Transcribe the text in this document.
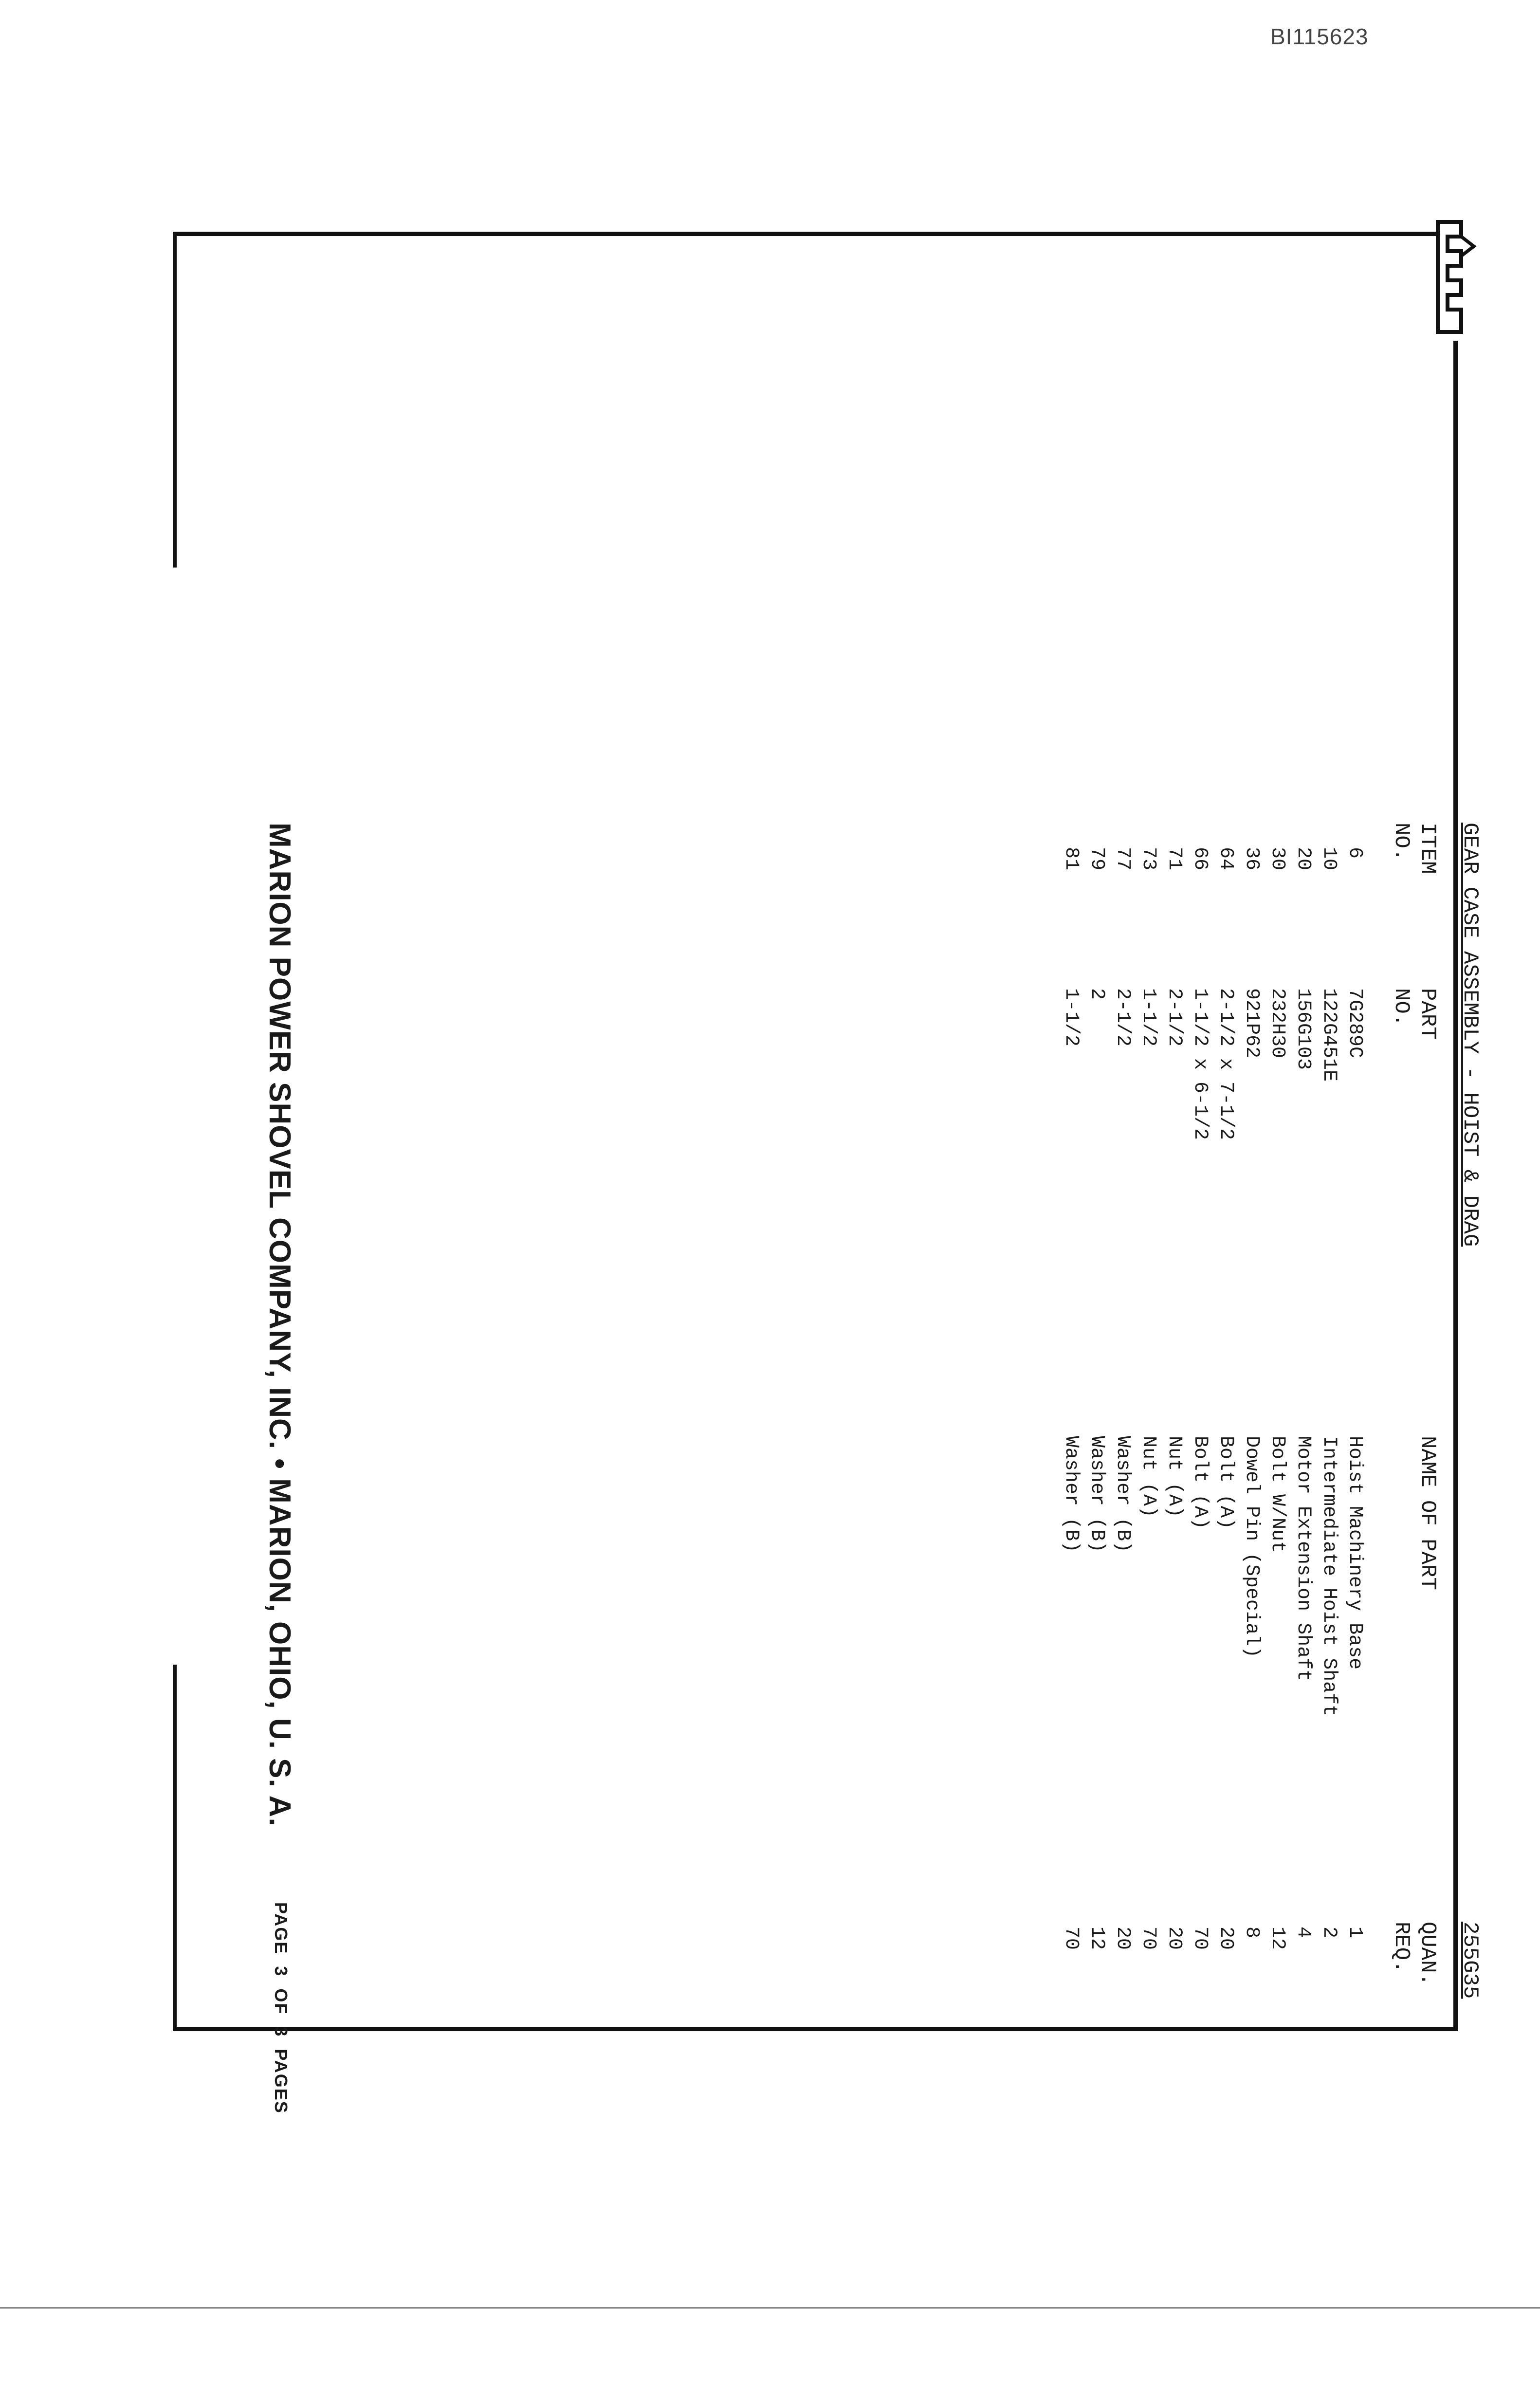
BI115623
GEAR CASE ASSEMBLY - HOIST & DRAG
255G35
ITEM
NO.
PART
NO.
NAME OF PART
QUAN.
REQ.
6
7G289C
Hoist Machinery Base
1
10
122G451E
Intermediate Hoist Shaft
2
20
156G103
Motor Extension Shaft
4
30
232H30
Bolt W/Nut
12
36
921P62
Dowel Pin (Special)
8
64
2-1/2 x 7-1/2
Bolt (A)
20
66
1-1/2 x 6-1/2
Bolt (A)
70
71
2-1/2
Nut (A)
20
73
1-1/2
Nut (A)
70
77
2-1/2
Washer (B)
20
79
2
Washer (B)
12
81
1-1/2
Washer (B)
70
MARION POWER SHOVEL COMPANY, INC. • MARION, OHIO, U. S. A.
PAGE  3  OF  3  PAGES
